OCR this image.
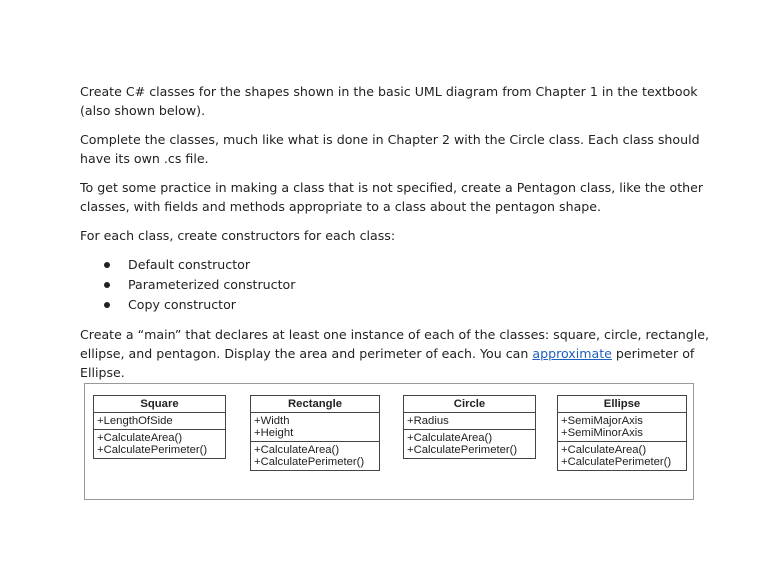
Create C# classes for the shapes shown in the basic UML diagram from Chapter 1 in the textbook (also shown below).

Complete the classes, much like what is done in Chapter 2 with the Circle class. Each class should have its own .cs file.

To get some practice in making a class that is not specified, create a Pentagon class, like the other classes, with fields and methods appropriate to a class about the pentagon shape.

For each class, create constructors for each class:

Default constructor
Parameterized constructor
Copy constructor

Create a “main” that declares at least one instance of each of the classes: square, circle, rectangle, ellipse, and pentagon. Display the area and perimeter of each. You can approximate perimeter of Ellipse.

Square
+LengthOfSide
+CalculateArea()
+CalculatePerimeter()
Rectangle
+Width
+Height
+CalculateArea()
+CalculatePerimeter()
Circle
+Radius
+CalculateArea()
+CalculatePerimeter()
Ellipse
+SemiMajorAxis
+SemiMinorAxis
+CalculateArea()
+CalculatePerimeter()
